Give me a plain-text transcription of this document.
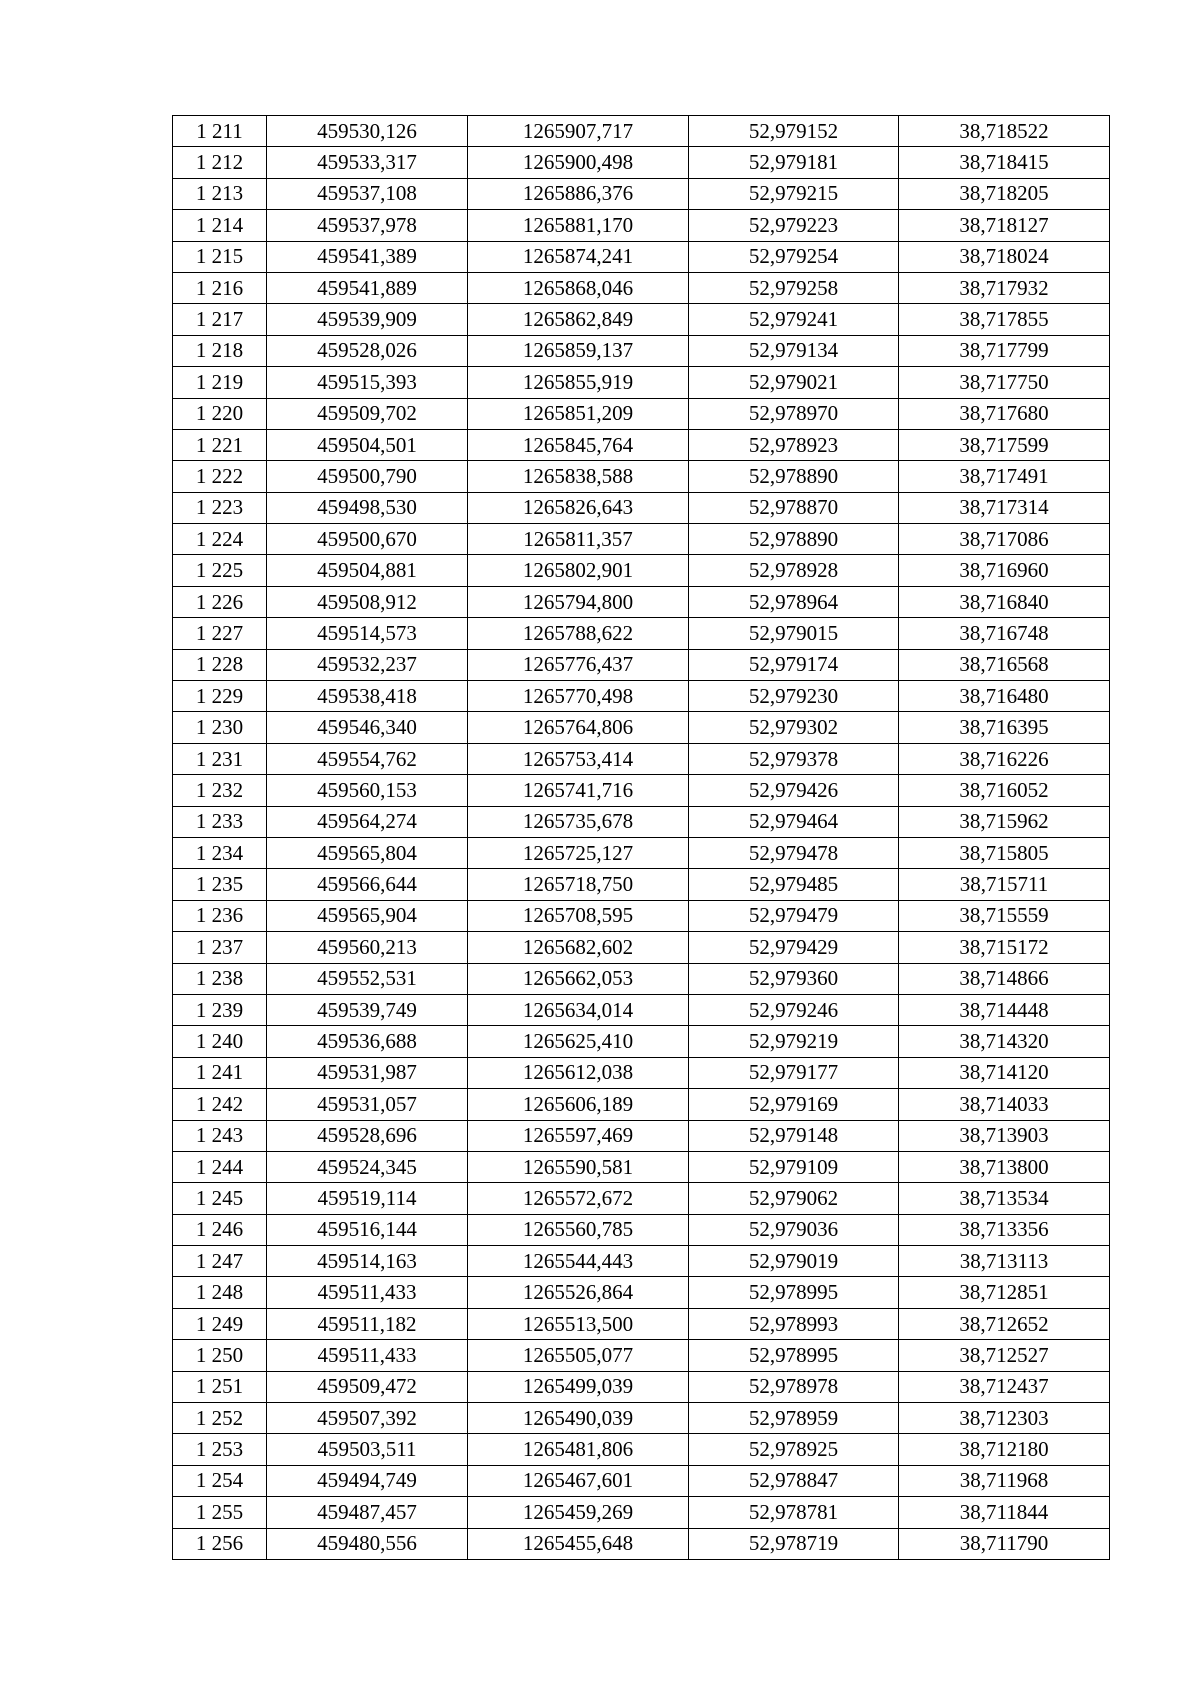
1 211	459530,126	1265907,717	52,979152	38,718522
1 212	459533,317	1265900,498	52,979181	38,718415
1 213	459537,108	1265886,376	52,979215	38,718205
1 214	459537,978	1265881,170	52,979223	38,718127
1 215	459541,389	1265874,241	52,979254	38,718024
1 216	459541,889	1265868,046	52,979258	38,717932
1 217	459539,909	1265862,849	52,979241	38,717855
1 218	459528,026	1265859,137	52,979134	38,717799
1 219	459515,393	1265855,919	52,979021	38,717750
1 220	459509,702	1265851,209	52,978970	38,717680
1 221	459504,501	1265845,764	52,978923	38,717599
1 222	459500,790	1265838,588	52,978890	38,717491
1 223	459498,530	1265826,643	52,978870	38,717314
1 224	459500,670	1265811,357	52,978890	38,717086
1 225	459504,881	1265802,901	52,978928	38,716960
1 226	459508,912	1265794,800	52,978964	38,716840
1 227	459514,573	1265788,622	52,979015	38,716748
1 228	459532,237	1265776,437	52,979174	38,716568
1 229	459538,418	1265770,498	52,979230	38,716480
1 230	459546,340	1265764,806	52,979302	38,716395
1 231	459554,762	1265753,414	52,979378	38,716226
1 232	459560,153	1265741,716	52,979426	38,716052
1 233	459564,274	1265735,678	52,979464	38,715962
1 234	459565,804	1265725,127	52,979478	38,715805
1 235	459566,644	1265718,750	52,979485	38,715711
1 236	459565,904	1265708,595	52,979479	38,715559
1 237	459560,213	1265682,602	52,979429	38,715172
1 238	459552,531	1265662,053	52,979360	38,714866
1 239	459539,749	1265634,014	52,979246	38,714448
1 240	459536,688	1265625,410	52,979219	38,714320
1 241	459531,987	1265612,038	52,979177	38,714120
1 242	459531,057	1265606,189	52,979169	38,714033
1 243	459528,696	1265597,469	52,979148	38,713903
1 244	459524,345	1265590,581	52,979109	38,713800
1 245	459519,114	1265572,672	52,979062	38,713534
1 246	459516,144	1265560,785	52,979036	38,713356
1 247	459514,163	1265544,443	52,979019	38,713113
1 248	459511,433	1265526,864	52,978995	38,712851
1 249	459511,182	1265513,500	52,978993	38,712652
1 250	459511,433	1265505,077	52,978995	38,712527
1 251	459509,472	1265499,039	52,978978	38,712437
1 252	459507,392	1265490,039	52,978959	38,712303
1 253	459503,511	1265481,806	52,978925	38,712180
1 254	459494,749	1265467,601	52,978847	38,711968
1 255	459487,457	1265459,269	52,978781	38,711844
1 256	459480,556	1265455,648	52,978719	38,711790
